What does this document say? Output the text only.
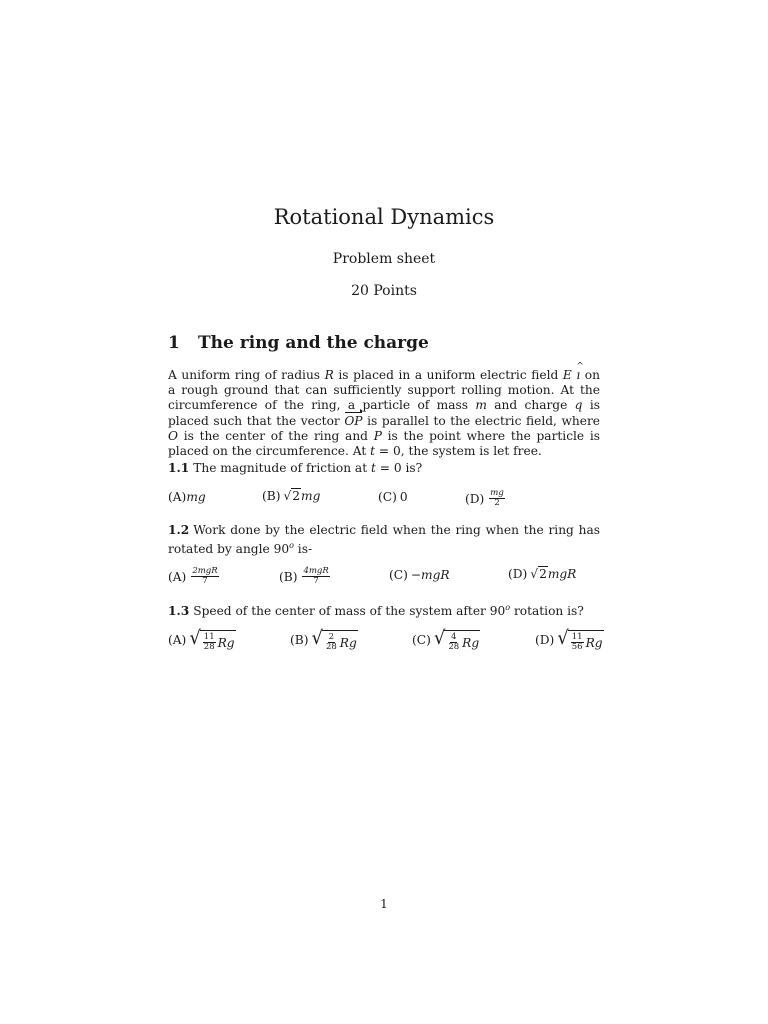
Rotational Dynamics
Problem sheet
20 Points
1 The ring and the charge
A uniform ring of radius R is placed in a uniform electric field E ^ ı on a rough ground that can sufficiently support rolling motion. At the circumference of the ring, a particle of mass m and charge q is placed such that the vector OP is parallel to the electric field, where O is the center of the ring and P is the point where the particle is placed on the circumference. At t = 0, the system is let free.
1.1 The magnitude of friction at t = 0 is?
(A) mg	(B) √ 2 mg	(C) 0	$(D) \frac{mg}{2}$
1.2 Work done by the electric field when the ring when the ring has rotated by angle 90$^o$ is-
$(A) \frac{\text{2mgR}}{7}$	$(B) \frac{\text{4mgR}}{7}$	(C) −mgR	(D) √ 2 mgR
1.3 Speed of the center of mass of the system after 90$^o$ rotation is?
(A) √ $\frac{11}{28}$ Rg	(B) √ $\frac{2}{28}$ Rg	(C) √ $\frac{4}{28}$ Rg	(D) √ $\frac{11}{56}$ Rg
1
